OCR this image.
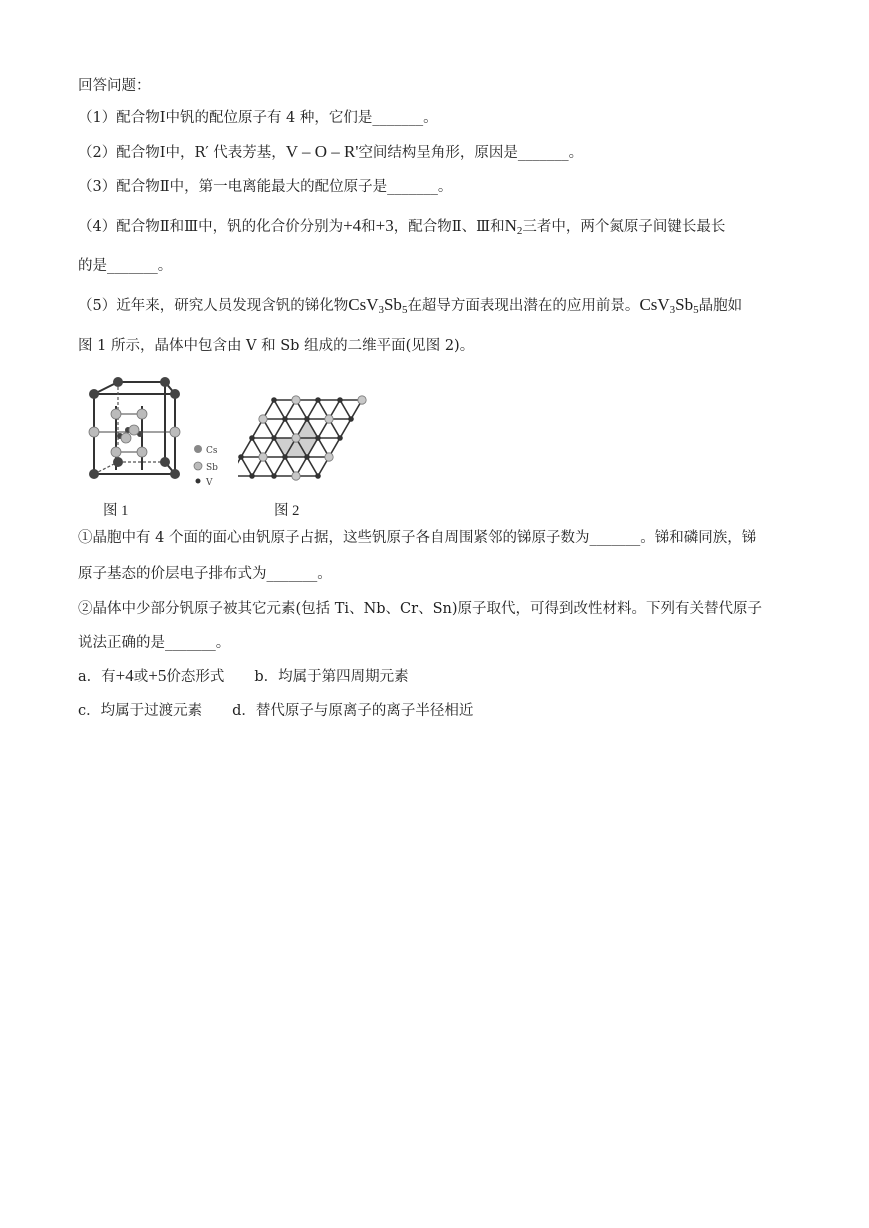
回答问题：
（1）配合物Ⅰ中钒的配位原子有 4 种，它们是_______。
（2）配合物Ⅰ中，R′ 代表芳基，V – O – R'空间结构呈角形，原因是_______。
（3）配合物Ⅱ中，第一电离能最大的配位原子是_______。
（4）配合物Ⅱ和Ⅲ中，钒的化合价分别为+4和+3，配合物Ⅱ、Ⅲ和$N_2$三者中，两个氮原子间键长最长
的是_______。
（5）近年来，研究人员发现含钒的锑化物$CsV_3Sb_5$在超导方面表现出潜在的应用前景。$CsV_3Sb_5$晶胞如
图 1 所示，晶体中包含由 V 和 Sb 组成的二维平面(见图 2)。
Cs
Sb
V
图 1	图 2
①晶胞中有 4 个面的面心由钒原子占据，这些钒原子各自周围紧邻的锑原子数为_______。锑和磷同族，锑
原子基态的价层电子排布式为_______。
②晶体中少部分钒原子被其它元素(包括 Ti、Nb、Cr、Sn)原子取代，可得到改性材料。下列有关替代原子
说法正确的是_______。
a．有+4或+5价态形式 b．均属于第四周期元素
c．均属于过渡元素 d．替代原子与原离子的离子半径相近
